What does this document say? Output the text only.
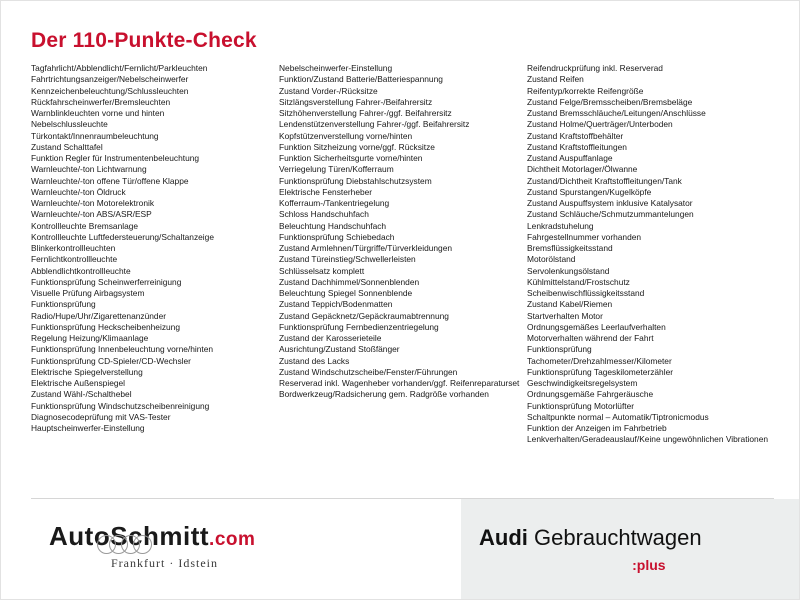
Der 110-Punkte-Check
Tagfahrlicht/Abblendlicht/Fernlicht/Parkleuchten
Fahrtrichtungsanzeiger/Nebelscheinwerfer
Kennzeichenbeleuchtung/Schlussleuchten
Rückfahrscheinwerfer/Bremsleuchten
Warnblinkleuchten vorne und hinten
Nebelschlussleuchte
Türkontakt/Innenraumbeleuchtung
Zustand Schalttafel
Funktion Regler für Instrumentenbeleuchtung
Warnleuchte/-ton Lichtwarnung
Warnleuchte/-ton offene Tür/offene Klappe
Warnleuchte/-ton Öldruck
Warnleuchte/-ton Motorelektronik
Warnleuchte/-ton ABS/ASR/ESP
Kontrollleuchte Bremsanlage
Kontrollleuchte Luftfedersteuerung/Schaltanzeige
Blinkerkontrollleuchten
Fernlichtkontrollleuchte
Abblendlichtkontrollleuchte
Funktionsprüfung Scheinwerferreinigung
Visuelle Prüfung Airbagsystem
Funktionsprüfung
Radio/Hupe/Uhr/Zigarettenanzünder
Funktionsprüfung Heckscheibenheizung
Regelung Heizung/Klimaanlage
Funktionsprüfung Innenbeleuchtung vorne/hinten
Funktionsprüfung CD-Spieler/CD-Wechsler
Elektrische Spiegelverstellung
Elektrische Außenspiegel
Zustand Wähl-/Schalthebel
Funktionsprüfung Windschutzscheibenreinigung
Diagnosecodeprüfung mit VAS-Tester
Hauptscheinwerfer-Einstellung
Nebelscheinwerfer-Einstellung
Funktion/Zustand Batterie/Batteriespannung
Zustand Vorder-/Rücksitze
Sitzlängsverstellung Fahrer-/Beifahrersitz
Sitzhöhenverstellung Fahrer-/ggf. Beifahrersitz
Lendenstützenverstellung Fahrer-/ggf. Beifahrersitz
Kopfstützenverstellung vorne/hinten
Funktion Sitzheizung vorne/ggf. Rücksitze
Funktion Sicherheitsgurte vorne/hinten
Verriegelung Türen/Kofferraum
Funktionsprüfung Diebstahlschutzsystem
Elektrische Fensterheber
Kofferraum-/Tankentriegelung
Schloss Handschuhfach
Beleuchtung Handschuhfach
Funktionsprüfung Schiebedach
Zustand Armlehnen/Türgriffe/Türverkleidungen
Zustand Türeinstieg/Schwellerleisten
Schlüsselsatz komplett
Zustand Dachhimmel/Sonnenblenden
Beleuchtung Spiegel Sonnenblende
Zustand Teppich/Bodenmatten
Zustand Gepäcknetz/Gepäckraumabtrennung
Funktionsprüfung Fernbedienzentriegelung
Zustand der Karosserieteile
Ausrichtung/Zustand Stoßfänger
Zustand des Lacks
Zustand Windschutzscheibe/Fenster/Führungen
Reserverad inkl. Wagenheber vorhanden/ggf. Reifenreparaturset
Bordwerkzeug/Radsicherung gem. Radgröße vorhanden
Reifendruckprüfung inkl. Reserverad
Zustand Reifen
Reifentyp/korrekte Reifengröße
Zustand Felge/Bremsscheiben/Bremsbeläge
Zustand Bremsschläuche/Leitungen/Anschlüsse
Zustand Holme/Querträger/Unterboden
Zustand Kraftstoffbehälter
Zustand Kraftstoffleitungen
Zustand Auspuffanlage
Dichtheit Motorlager/Ölwanne
Zustand/Dichtheit Kraftstoffleitungen/Tank
Zustand Spurstangen/Kugelköpfe
Zustand Auspuffsystem inklusive Katalysator
Zustand Schläuche/Schmutzummantelungen
Lenkradstuhelung
Fahrgestellnummer vorhanden
Bremsflüssigkeitsstand
Motorölstand
Servolenkungsölstand
Kühlmittelstand/Frostschutz
Scheibenwischflüssigkeitsstand
Zustand Kabel/Riemen
Startverhalten Motor
Ordnungsgemäßes Leerlaufverhalten
Motorverhalten während der Fahrt
Funktionsprüfung
Tachometer/Drehzahlmesser/Kilometer
Funktionsprüfung Tageskilometerzähler
Geschwindigkeitsregelsystem
Ordnungsgemäße Fahrgeräusche
Funktionsprüfung Motorlüfter
Schaltpunkte normal – Automatik/Tiptronicmodus
Funktion der Anzeigen im Fahrbetrieb
Lenkverhalten/Geradeauslauf/Keine ungewöhnlichen Vibrationen
AutoSchmitt.com
Frankfurt · Idstein
Audi Gebrauchtwagen
:plus
